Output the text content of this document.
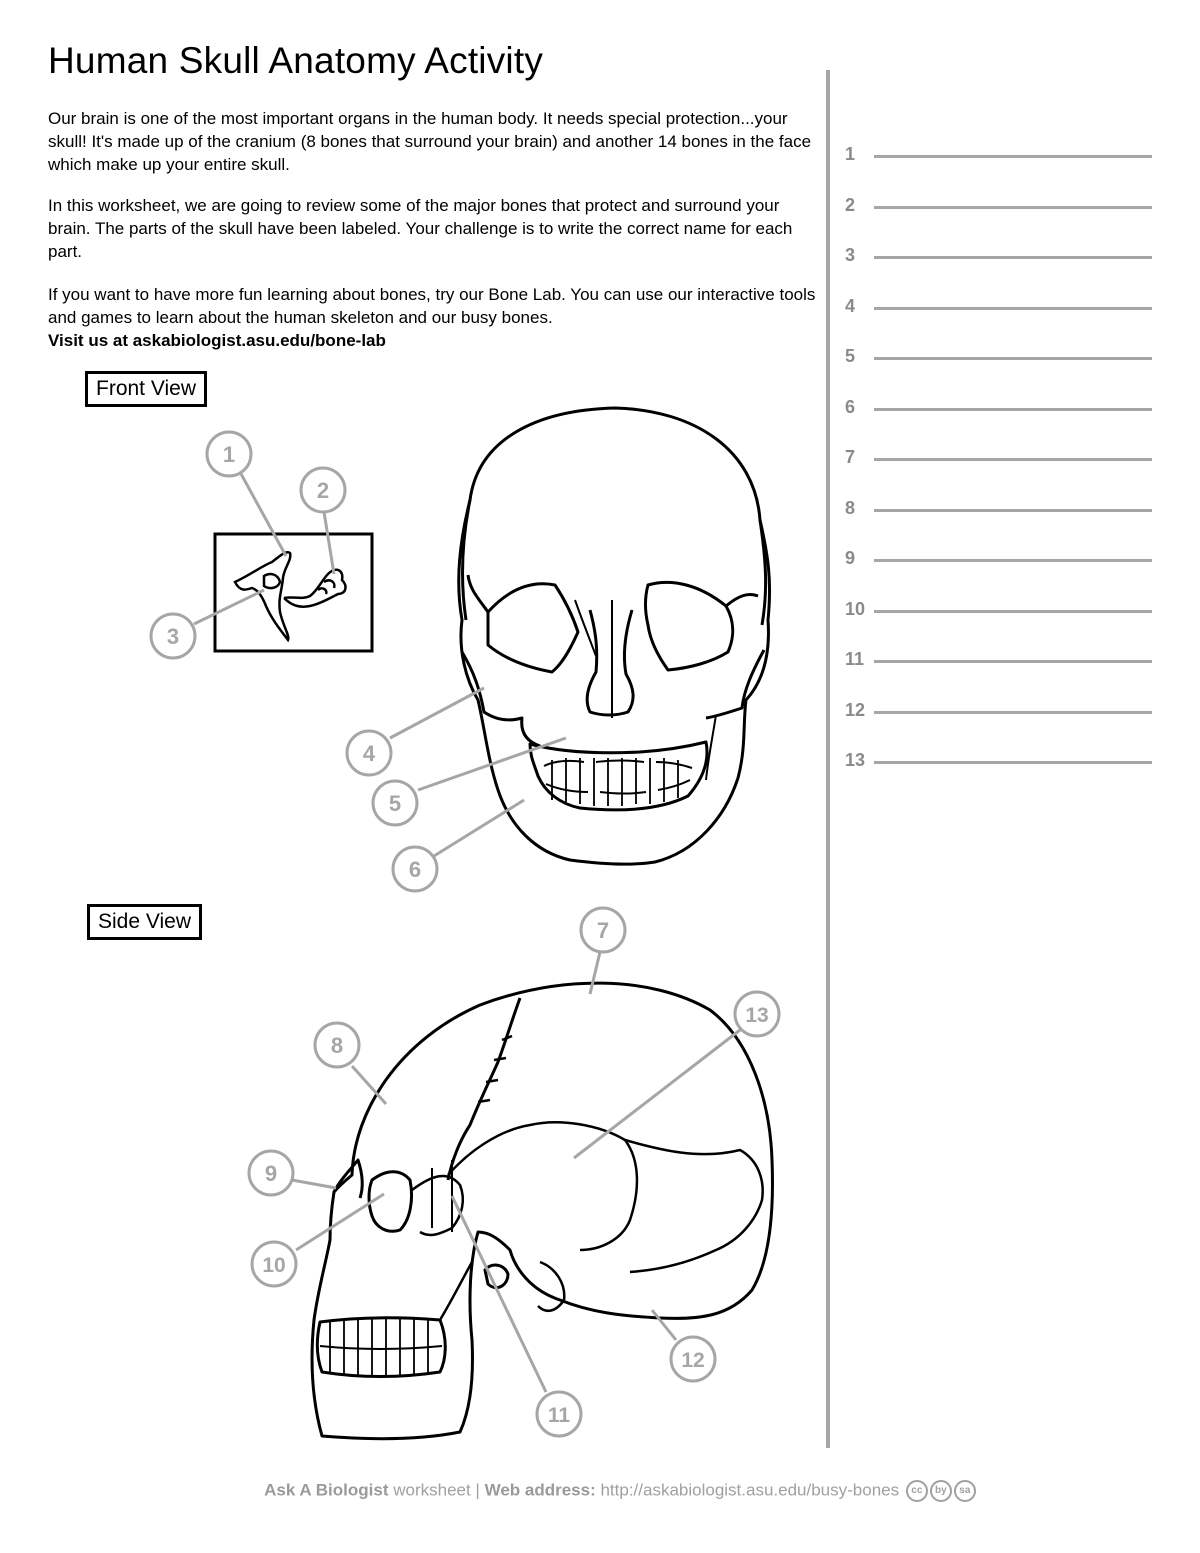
Human Skull Anatomy Activity

Our brain is one of the most important organs in the human body. It needs special protection...your skull! It's made up of the cranium (8 bones that surround your brain) and another 14 bones in the face which make up your entire skull.

In this worksheet, we are going to review some of the major bones that protect and surround your brain. The parts of the skull have been labeled. Your challenge is to write the correct name for each part.

If you want to have more fun learning about bones, try our Bone Lab. You can use our interactive tools and games to learn about the human skeleton and our busy bones.
Visit us at askabiologist.asu.edu/bone-lab

Front View
Side View
1
2
3
4
5
6
7
8
9
10
11
12
13
1
2
3
4
5
6
7
8
9
10
11
12
13
Ask A Biologist worksheet | Web address: http://askabiologist.asu.edu/busy-bones cc by sa
